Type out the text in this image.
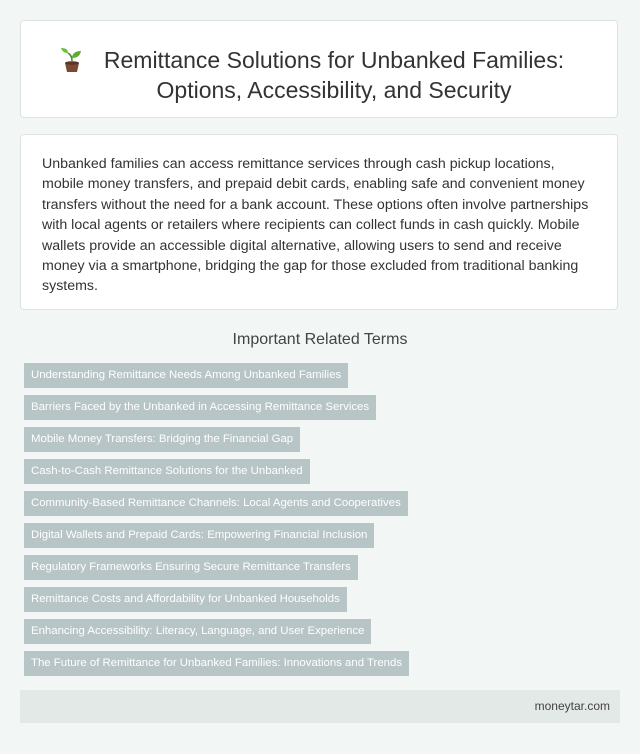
Remittance Solutions for Unbanked Families: Options, Accessibility, and Security

Unbanked families can access remittance services through cash pickup locations, mobile money transfers, and prepaid debit cards, enabling safe and convenient money transfers without the need for a bank account. These options often involve partnerships with local agents or retailers where recipients can collect funds in cash quickly. Mobile wallets provide an accessible digital alternative, allowing users to send and receive money via a smartphone, bridging the gap for those excluded from traditional banking systems.

Important Related Terms
Understanding Remittance Needs Among Unbanked Families
Barriers Faced by the Unbanked in Accessing Remittance Services
Mobile Money Transfers: Bridging the Financial Gap
Cash-to-Cash Remittance Solutions for the Unbanked
Community-Based Remittance Channels: Local Agents and Cooperatives
Digital Wallets and Prepaid Cards: Empowering Financial Inclusion
Regulatory Frameworks Ensuring Secure Remittance Transfers
Remittance Costs and Affordability for Unbanked Households
Enhancing Accessibility: Literacy, Language, and User Experience
The Future of Remittance for Unbanked Families: Innovations and Trends
moneytar.com
